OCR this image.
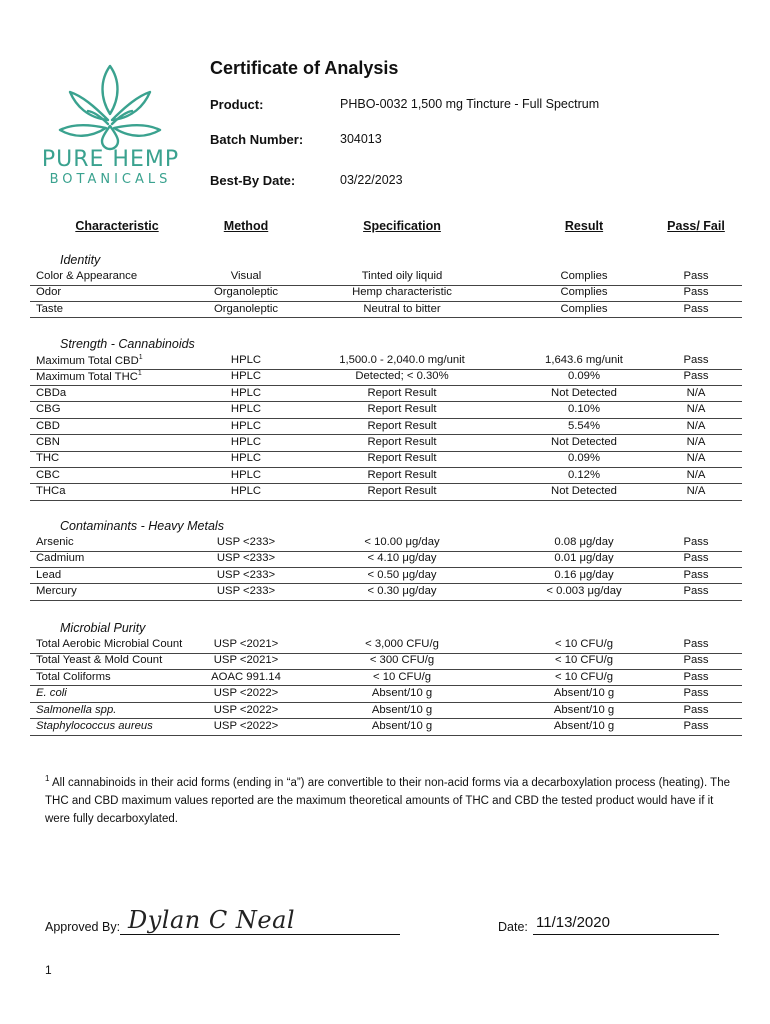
PURE HEMP
BOTANICALS
Certificate of Analysis
Product:	PHBO-0032 1,500 mg Tincture - Full Spectrum
Batch Number:	304013
Best-By Date:	03/22/2023
Characteristic	Method	Specification	Result	Pass/ Fail
Identity
Color & Appearance	Visual	Tinted oily liquid	Complies	Pass
Odor	Organoleptic	Hemp characteristic	Complies	Pass
Taste	Organoleptic	Neutral to bitter	Complies	Pass
Strength - Cannabinoids
Maximum Total CBD$^1$	HPLC	1,500.0 - 2,040.0 mg/unit	1,643.6 mg/unit	Pass
Maximum Total THC$^1$	HPLC	Detected; < 0.30%	0.09%	Pass
CBDa	HPLC	Report Result	Not Detected	N/A
CBG	HPLC	Report Result	0.10%	N/A
CBD	HPLC	Report Result	5.54%	N/A
CBN	HPLC	Report Result	Not Detected	N/A
THC	HPLC	Report Result	0.09%	N/A
CBC	HPLC	Report Result	0.12%	N/A
THCa	HPLC	Report Result	Not Detected	N/A
Contaminants - Heavy Metals
Arsenic	USP <233>	< 10.00 μg/day	0.08 μg/day	Pass
Cadmium	USP <233>	< 4.10 μg/day	0.01 μg/day	Pass
Lead	USP <233>	< 0.50 μg/day	0.16 μg/day	Pass
Mercury	USP <233>	< 0.30 μg/day	< 0.003 μg/day	Pass
Microbial Purity
Total Aerobic Microbial Count	USP <2021>	< 3,000 CFU/g	< 10 CFU/g	Pass
Total Yeast & Mold Count	USP <2021>	< 300 CFU/g	< 10 CFU/g	Pass
Total Coliforms	AOAC 991.14	< 10 CFU/g	< 10 CFU/g	Pass
E. coli	USP <2022>	Absent/10 g	Absent/10 g	Pass
Salmonella spp.	USP <2022>	Absent/10 g	Absent/10 g	Pass
Staphylococcus aureus	USP <2022>	Absent/10 g	Absent/10 g	Pass
$^1$ All cannabinoids in their acid forms (ending in “a”) are convertible to their non-acid forms via a decarboxylation process (heating). The THC and CBD maximum values reported are the maximum theoretical amounts of THC and CBD the tested product would have if it were fully decarboxylated.
Approved By: Dylan C Neal	Date: 11/13/2020
1
